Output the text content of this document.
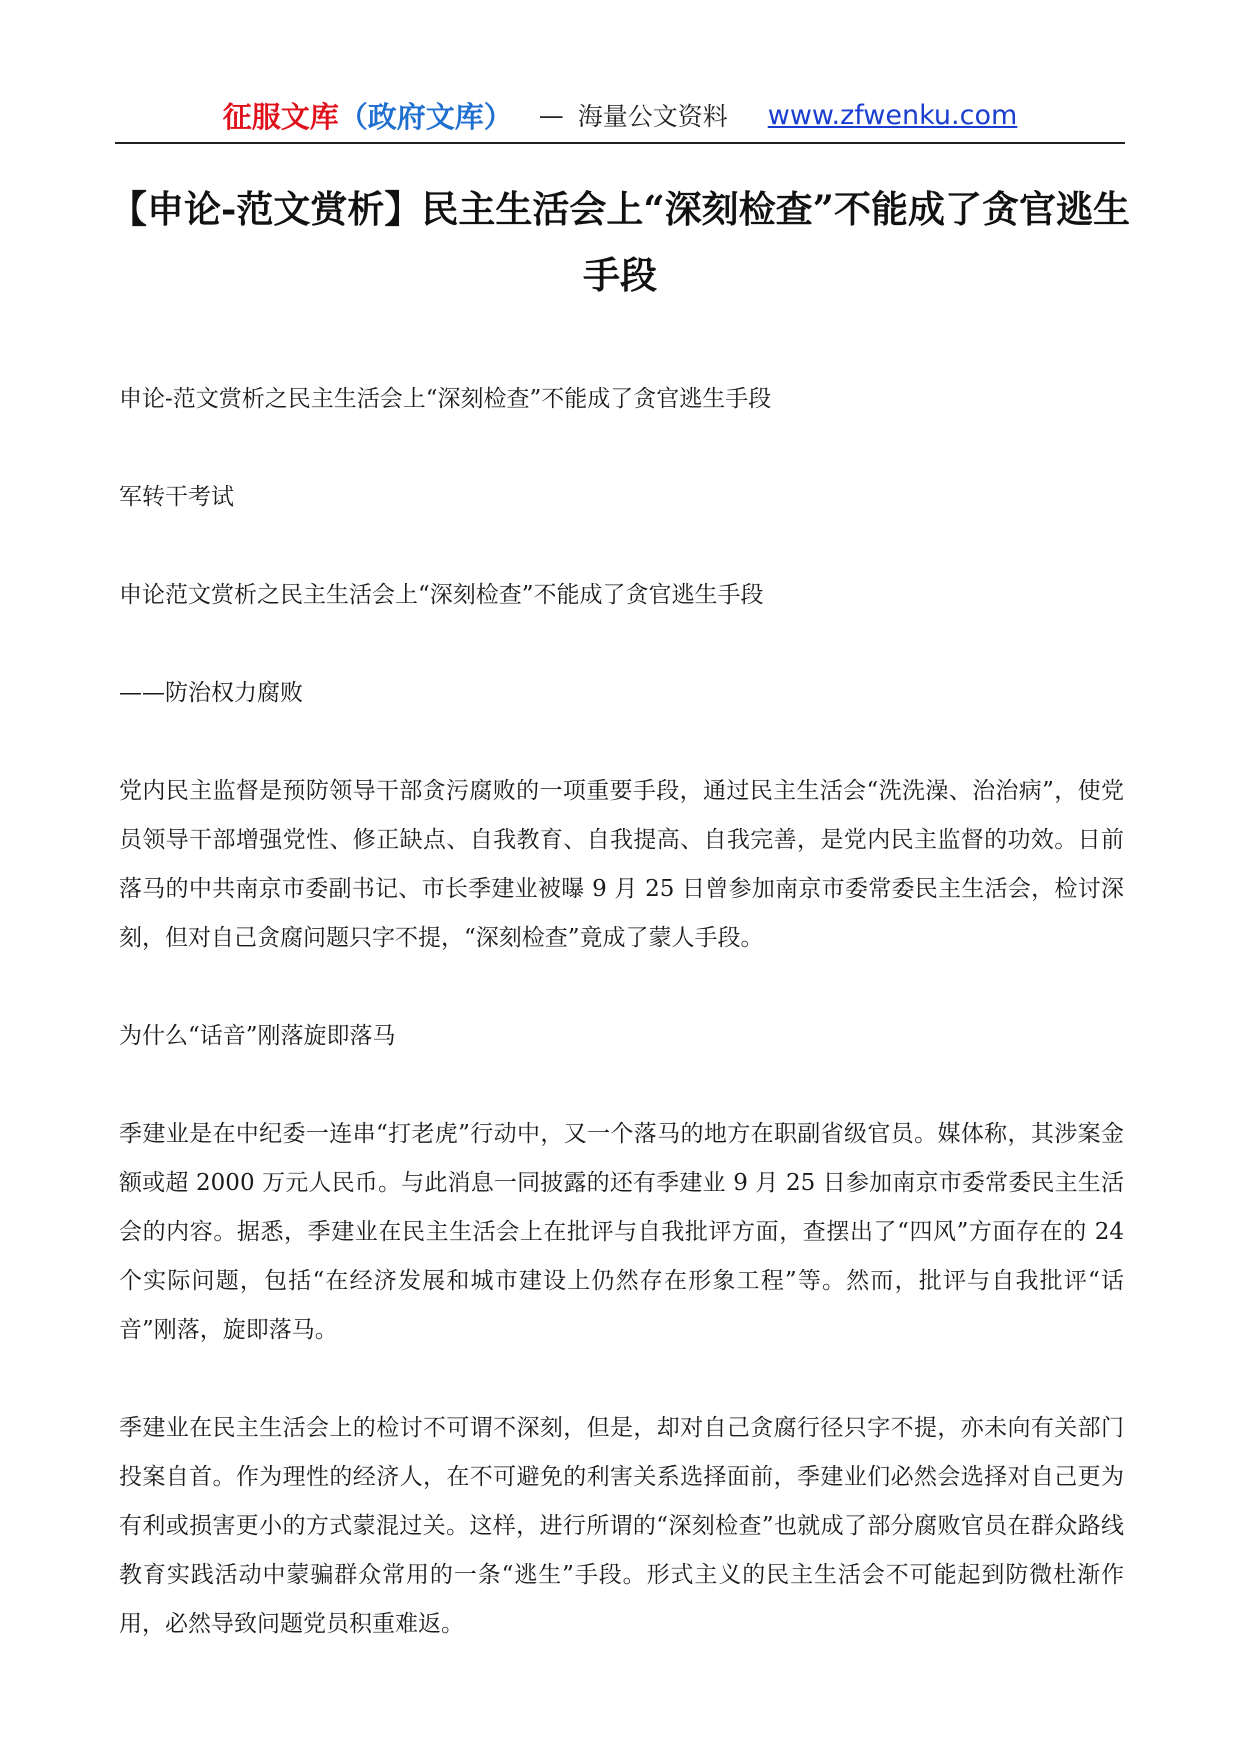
征服文库 （政府文库） — 海量公文资料 www.zfwenku.com
【申论-范文赏析】民主生活会上“深刻检查”不能成了贪官逃生手段

申论-范文赏析之民主生活会上“深刻检查”不能成了贪官逃生手段

军转干考试

申论范文赏析之民主生活会上“深刻检查”不能成了贪官逃生手段

——防治权力腐败

党内民主监督是预防领导干部贪污腐败的一项重要手段，通过民主生活会“洗洗澡、治治病”，使党员领导干部增强党性、修正缺点、自我教育、自我提高、自我完善，是党内民主监督的功效。日前落马的中共南京市委副书记、市长季建业被曝 9 月 25 日曾参加南京市委常委民主生活会，检讨深刻，但对自己贪腐问题只字不提，“深刻检查”竟成了蒙人手段。

为什么“话音”刚落旋即落马

季建业是在中纪委一连串“打老虎”行动中，又一个落马的地方在职副省级官员。媒体称，其涉案金额或超 2000 万元人民币。与此消息一同披露的还有季建业 9 月 25 日参加南京市委常委民主生活会的内容。据悉，季建业在民主生活会上在批评与自我批评方面，查摆出了“四风”方面存在的 24 个实际问题，包括“在经济发展和城市建设上仍然存在形象工程”等。然而，批评与自我批评“话音”刚落，旋即落马。

季建业在民主生活会上的检讨不可谓不深刻，但是，却对自己贪腐行径只字不提，亦未向有关部门投案自首。作为理性的经济人，在不可避免的利害关系选择面前，季建业们必然会选择对自己更为有利或损害更小的方式蒙混过关。这样，进行所谓的“深刻检查”也就成了部分腐败官员在群众路线教育实践活动中蒙骗群众常用的一条“逃生”手段。形式主义的民主生活会不可能起到防微杜渐作用，必然导致问题党员积重难返。
